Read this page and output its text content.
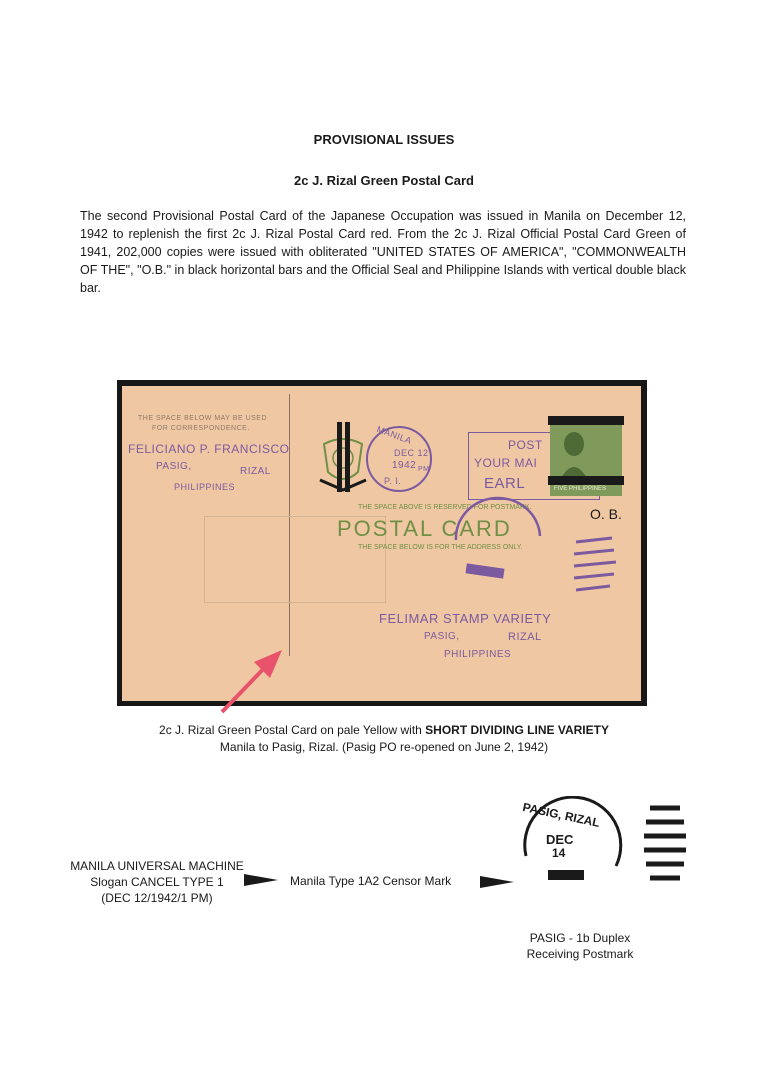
PROVISIONAL ISSUES
2c J. Rizal Green Postal Card
The second Provisional Postal Card of the Japanese Occupation was issued in Manila on December 12, 1942 to replenish the first 2c J. Rizal Postal Card red. From the 2c J. Rizal Official Postal Card Green of 1941, 202,000 copies were issued with obliterated "UNITED STATES OF AMERICA", "COMMONWEALTH OF THE", "O.B." in black horizontal bars and the Official Seal and Philippine Islands with vertical double black bar.
THE SPACE BELOW MAY BE USED
FOR CORRESPONDENCE.
FELICIANO P. FRANCISCO
PASIG,	RIZAL
PHILIPPINES
MANILA
DEC 12
1942 PM
P. I.
POST
YOUR MAI
EARL	FIVE PHILIPPINES
O. B.
THE SPACE ABOVE IS RESERVED FOR POSTMARK.
POSTAL CARD
THE SPACE BELOW IS FOR THE ADDRESS ONLY.
FELIMAR STAMP VARIETY
PASIG,	RIZAL
PHILIPPINES
2c J. Rizal Green Postal Card on pale Yellow with SHORT DIVIDING LINE VARIETY
Manila to Pasig, Rizal. (Pasig PO re-opened on June 2, 1942)
MANILA UNIVERSAL MACHINE
Slogan CANCEL TYPE 1
(DEC 12/1942/1 PM)
Manila Type 1A2 Censor Mark
PASIG, RIZAL
DEC
14
PASIG - 1b Duplex
Receiving Postmark
